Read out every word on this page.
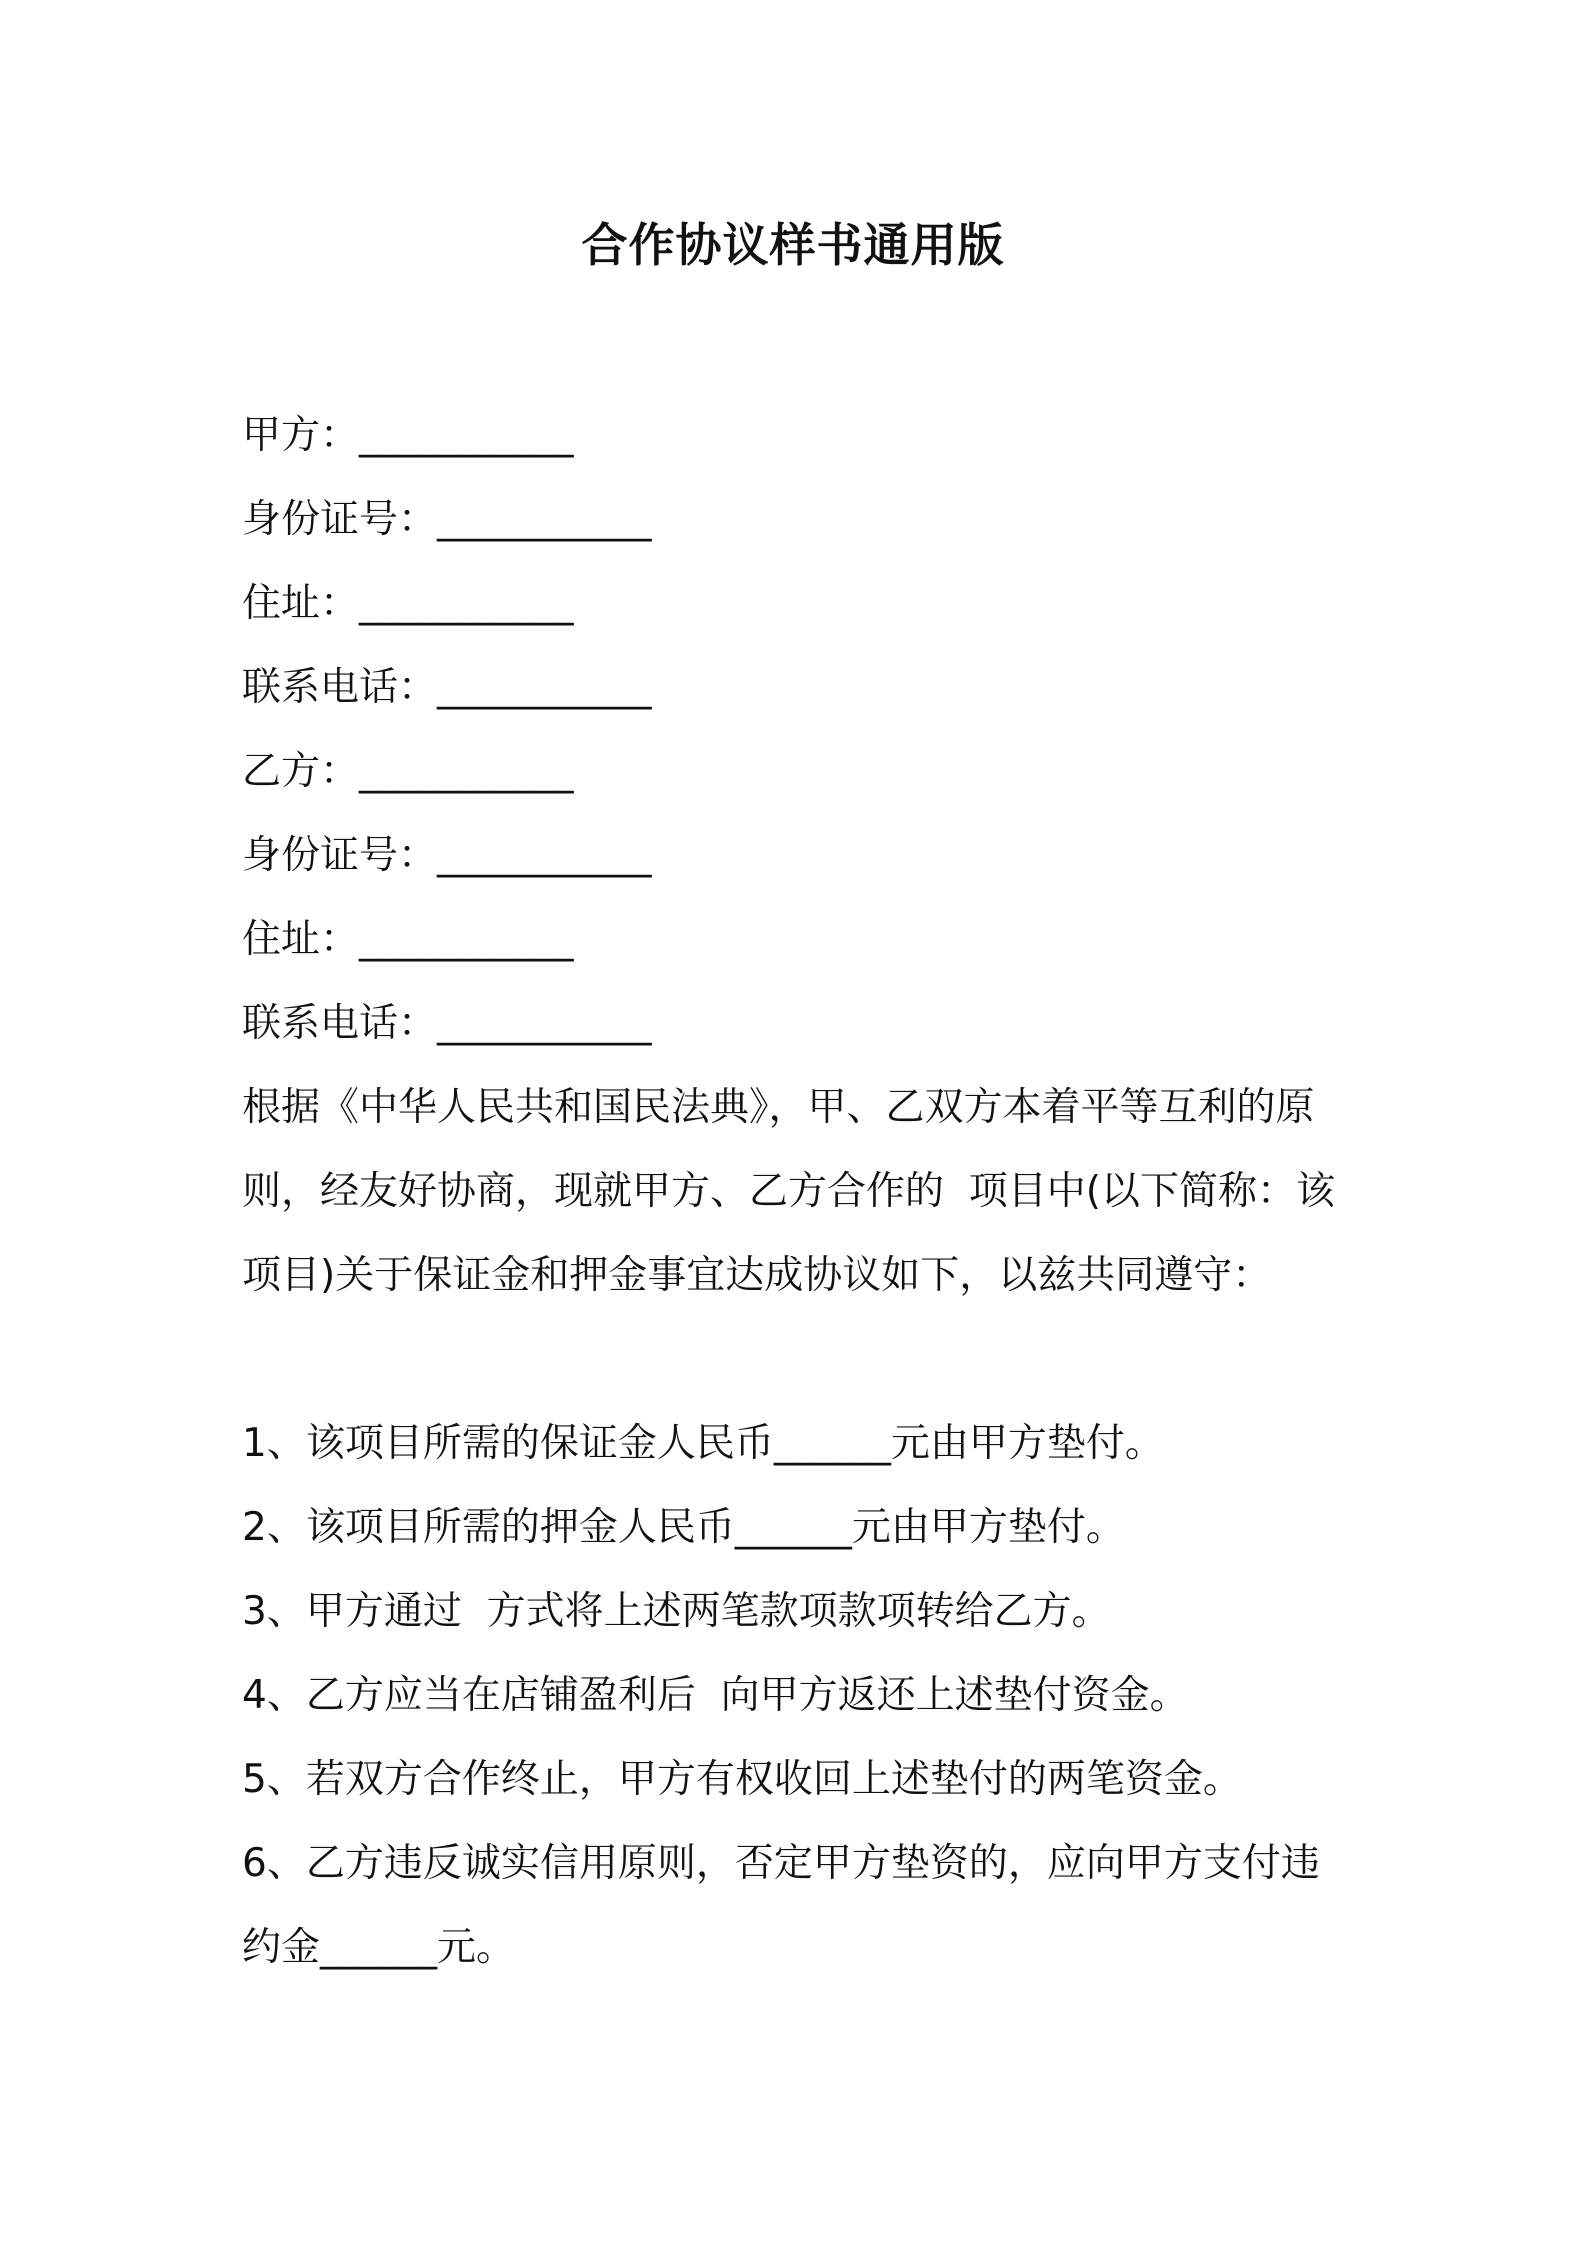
合作协议样书通用版
甲方：___________
身份证号：___________
住址：___________
联系电话：___________
乙方：___________
身份证号：___________
住址：___________
联系电话：___________
根据《中华人民共和国民法典》，甲、乙双方本着平等互利的原
则，经友好协商，现就甲方、乙方合作的  项目中(以下简称：该
项目)关于保证金和押金事宜达成协议如下，以兹共同遵守：
1、该项目所需的保证金人民币______元由甲方垫付。
2、该项目所需的押金人民币______元由甲方垫付。
3、甲方通过  方式将上述两笔款项款项转给乙方。
4、乙方应当在店铺盈利后  向甲方返还上述垫付资金。
5、若双方合作终止，甲方有权收回上述垫付的两笔资金。
6、乙方违反诚实信用原则，否定甲方垫资的，应向甲方支付违
约金______元。
